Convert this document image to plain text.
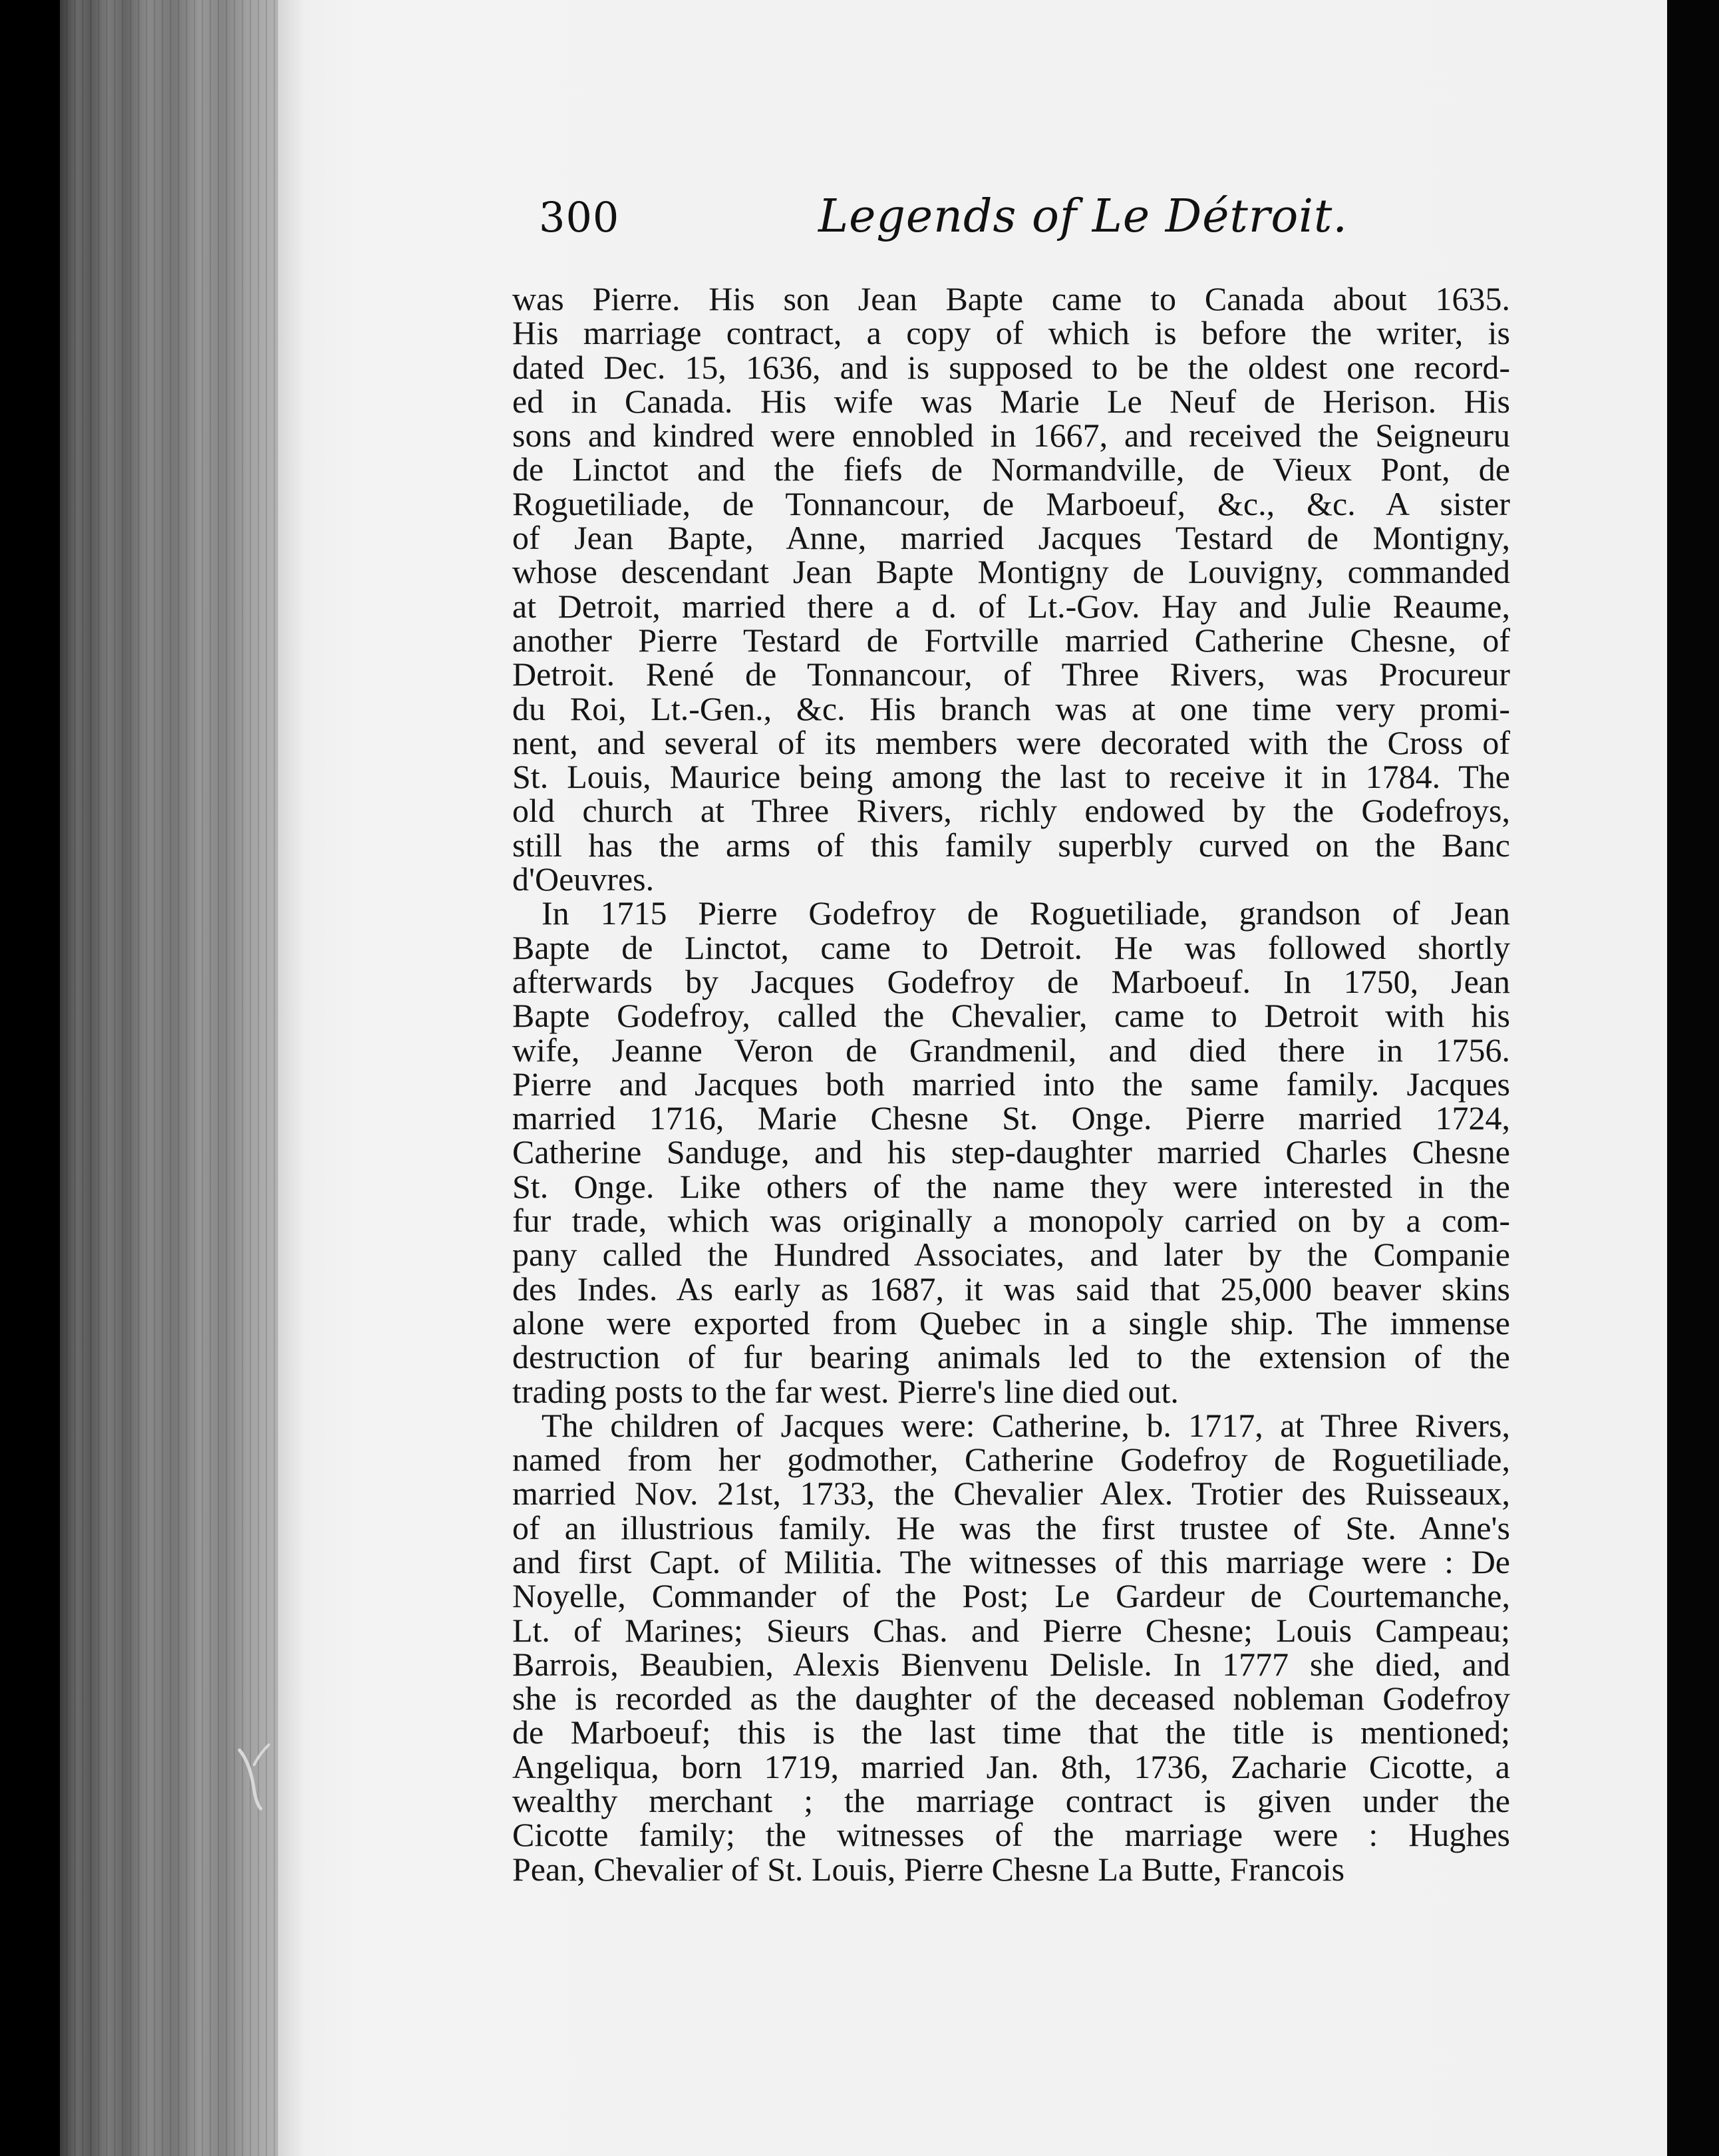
300	Legends of Le Détroit.
was Pierre. His son Jean Bapte came to Canada about 1635.
His marriage contract, a copy of which is before the writer, is
dated Dec. 15, 1636, and is supposed to be the oldest one record-
ed in Canada. His wife was Marie Le Neuf de Herison. His
sons and kindred were ennobled in 1667, and received the Seigneuru
de Linctot and the fiefs de Normandville, de Vieux Pont, de
Roguetiliade, de Tonnancour, de Marboeuf, &c., &c. A sister
of Jean Bapte, Anne, married Jacques Testard de Montigny,
whose descendant Jean Bapte Montigny de Louvigny, commanded
at Detroit, married there a d. of Lt.-Gov. Hay and Julie Reaume,
another Pierre Testard de Fortville married Catherine Chesne, of
Detroit. René de Tonnancour, of Three Rivers, was Procureur
du Roi, Lt.-Gen., &c. His branch was at one time very promi-
nent, and several of its members were decorated with the Cross of
St. Louis, Maurice being among the last to receive it in 1784. The
old church at Three Rivers, richly endowed by the Godefroys,
still has the arms of this family superbly curved on the Banc
d'Oeuvres.
In 1715 Pierre Godefroy de Roguetiliade, grandson of Jean
Bapte de Linctot, came to Detroit. He was followed shortly
afterwards by Jacques Godefroy de Marboeuf. In 1750, Jean
Bapte Godefroy, called the Chevalier, came to Detroit with his
wife, Jeanne Veron de Grandmenil, and died there in 1756.
Pierre and Jacques both married into the same family. Jacques
married 1716, Marie Chesne St. Onge. Pierre married 1724,
Catherine Sanduge, and his step-daughter married Charles Chesne
St. Onge. Like others of the name they were interested in the
fur trade, which was originally a monopoly carried on by a com-
pany called the Hundred Associates, and later by the Companie
des Indes. As early as 1687, it was said that 25,000 beaver skins
alone were exported from Quebec in a single ship. The immense
destruction of fur bearing animals led to the extension of the
trading posts to the far west. Pierre's line died out.
The children of Jacques were: Catherine, b. 1717, at Three Rivers,
named from her godmother, Catherine Godefroy de Roguetiliade,
married Nov. 21st, 1733, the Chevalier Alex. Trotier des Ruisseaux,
of an illustrious family. He was the first trustee of Ste. Anne's
and first Capt. of Militia. The witnesses of this marriage were : De
Noyelle, Commander of the Post; Le Gardeur de Courtemanche,
Lt. of Marines; Sieurs Chas. and Pierre Chesne; Louis Campeau;
Barrois, Beaubien, Alexis Bienvenu Delisle. In 1777 she died, and
she is recorded as the daughter of the deceased nobleman Godefroy
de Marboeuf; this is the last time that the title is mentioned;
Angeliqua, born 1719, married Jan. 8th, 1736, Zacharie Cicotte, a
wealthy merchant ; the marriage contract is given under the
Cicotte family; the witnesses of the marriage were : Hughes
Pean, Chevalier of St. Louis, Pierre Chesne La Butte, Francois
